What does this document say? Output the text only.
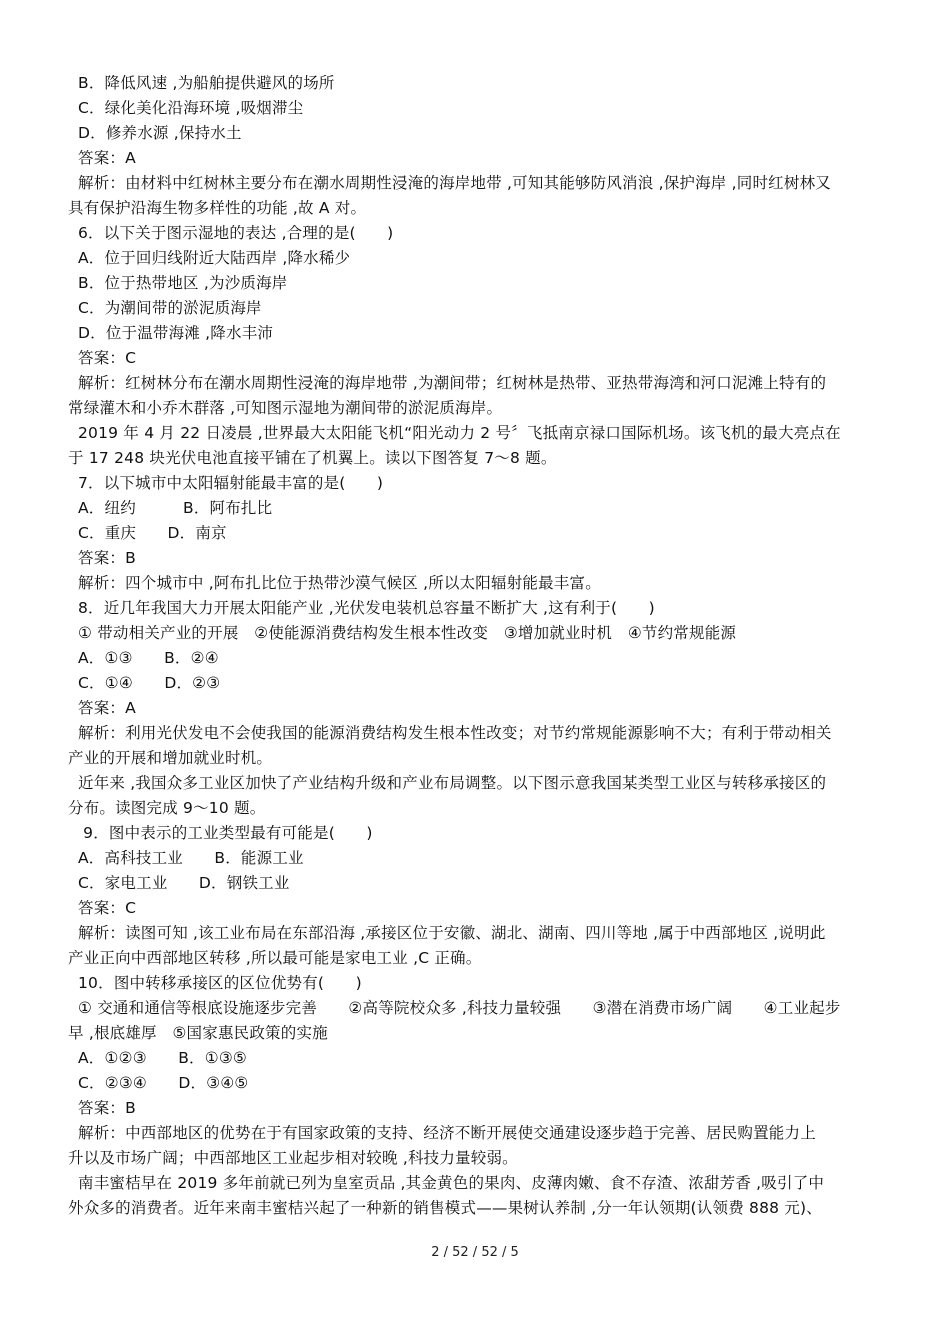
B．降低风速 ,为船舶提供避风的场所
C．绿化美化沿海环境 ,吸烟滞尘
D．修养水源 ,保持水土
答案：A
解析：由材料中红树林主要分布在潮水周期性浸淹的海岸地带 ,可知其能够防风消浪 ,保护海岸 ,同时红树林又
具有保护沿海生物多样性的功能 ,故 A 对。
6．以下关于图示湿地的表达 ,合理的是(　　)
A．位于回归线附近大陆西岸 ,降水稀少
B．位于热带地区 ,为沙质海岸
C．为潮间带的淤泥质海岸
D．位于温带海滩 ,降水丰沛
答案：C
解析：红树林分布在潮水周期性浸淹的海岸地带 ,为潮间带；红树林是热带、亚热带海湾和河口泥滩上特有的
常绿灌木和小乔木群落 ,可知图示湿地为潮间带的淤泥质海岸。
2019 年 4 月 22 日凌晨 ,世界最大太阳能飞机“阳光动力 2 号〞飞抵南京禄口国际机场。该飞机的最大亮点在
于 17 248 块光伏电池直接平铺在了机翼上。读以下图答复 7～8 题。
7．以下城市中太阳辐射能最丰富的是(　　)
A．纽约　　　B．阿布扎比
C．重庆　　D．南京
答案：B
解析：四个城市中 ,阿布扎比位于热带沙漠气候区 ,所以太阳辐射能最丰富。
8．近几年我国大力开展太阳能产业 ,光伏发电装机总容量不断扩大 ,这有利于(　　)
① 带动相关产业的开展　②使能源消费结构发生根本性改变　③增加就业时机　④节约常规能源
A．①③　　B．②④
C．①④　　D．②③
答案：A
解析：利用光伏发电不会使我国的能源消费结构发生根本性改变；对节约常规能源影响不大；有利于带动相关
产业的开展和增加就业时机。
近年来 ,我国众多工业区加快了产业结构升级和产业布局调整。以下图示意我国某类型工业区与转移承接区的
分布。读图完成 9～10 题。
9．图中表示的工业类型最有可能是(　　)
A．高科技工业　　B．能源工业
C．家电工业　　D．钢铁工业
答案：C
解析：读图可知 ,该工业布局在东部沿海 ,承接区位于安徽、湖北、湖南、四川等地 ,属于中西部地区 ,说明此
产业正向中西部地区转移 ,所以最可能是家电工业 ,C 正确。
10．图中转移承接区的区位优势有(　　)
① 交通和通信等根底设施逐步完善　　②高等院校众多 ,科技力量较强　　③潜在消费市场广阔　　④工业起步
早 ,根底雄厚　⑤国家惠民政策的实施
A．①②③　　B．①③⑤
C．②③④　　D．③④⑤
答案：B
解析：中西部地区的优势在于有国家政策的支持、经济不断开展使交通建设逐步趋于完善、居民购置能力上
升以及市场广阔；中西部地区工业起步相对较晚 ,科技力量较弱。
南丰蜜桔早在 2019 多年前就已列为皇室贡品 ,其金黄色的果肉、皮薄肉嫩、食不存渣、浓甜芳香 ,吸引了中
外众多的消费者。近年来南丰蜜桔兴起了一种新的销售模式——果树认养制 ,分一年认领期(认领费 888 元)、
2 / 52 / 52 / 5
